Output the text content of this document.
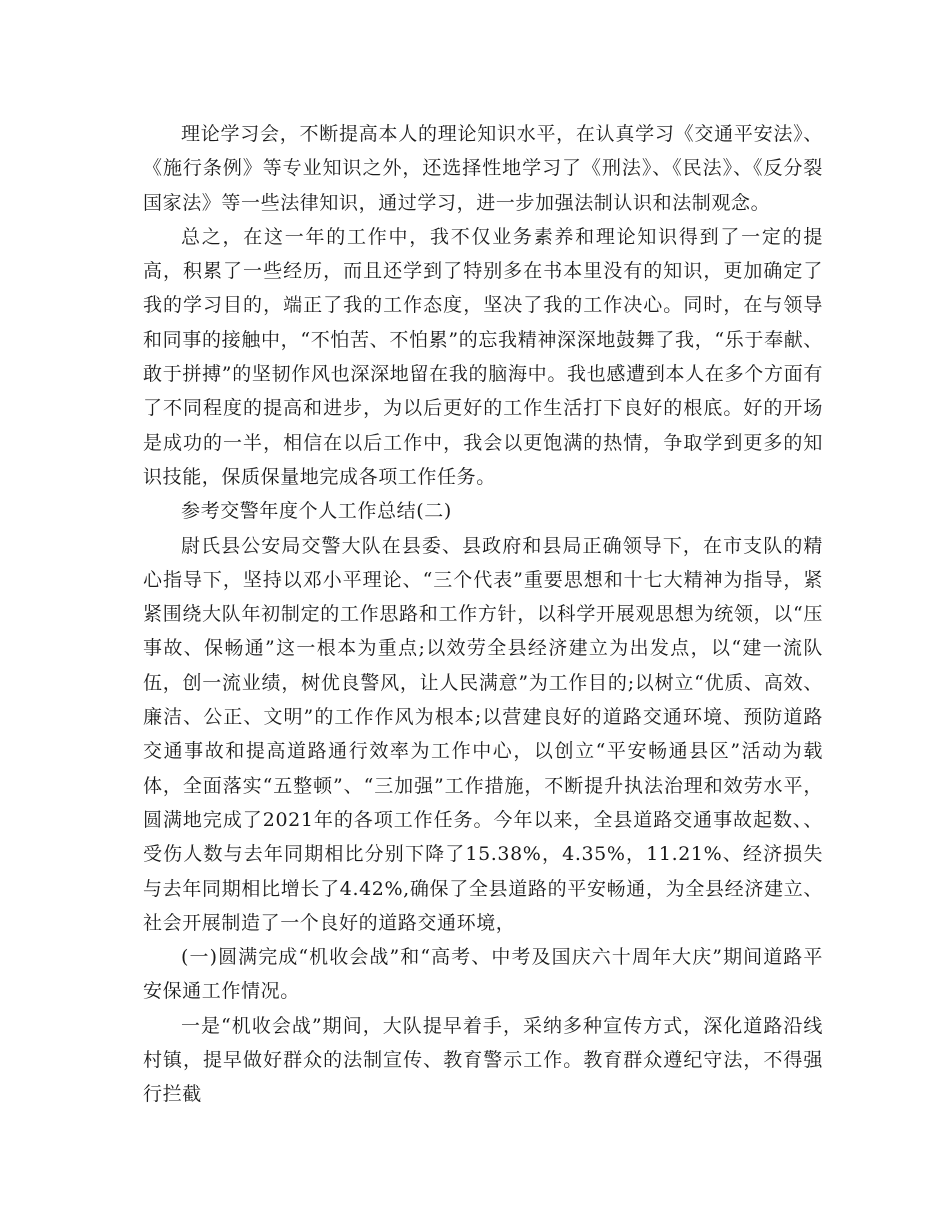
理论学习会，不断提高本人的理论知识水平，在认真学习《交通平安法》、《施行条例》等专业知识之外，还选择性地学习了《刑法》、《民法》、《反分裂国家法》等一些法律知识，通过学习，进一步加强法制认识和法制观念。

总之，在这一年的工作中，我不仅业务素养和理论知识得到了一定的提高，积累了一些经历，而且还学到了特别多在书本里没有的知识，更加确定了我的学习目的，端正了我的工作态度，坚决了我的工作决心。同时，在与领导和同事的接触中，“不怕苦、不怕累”的忘我精神深深地鼓舞了我，“乐于奉献、敢于拼搏”的坚韧作风也深深地留在我的脑海中。我也感遭到本人在多个方面有了不同程度的提高和进步，为以后更好的工作生活打下良好的根底。好的开场是成功的一半，相信在以后工作中，我会以更饱满的热情，争取学到更多的知识技能，保质保量地完成各项工作任务。

参考交警年度个人工作总结(二)

尉氏县公安局交警大队在县委、县政府和县局正确领导下，在市支队的精心指导下，坚持以邓小平理论、“三个代表”重要思想和十七大精神为指导，紧紧围绕大队年初制定的工作思路和工作方针，以科学开展观思想为统领，以“压事故、保畅通”这一根本为重点;以效劳全县经济建立为出发点，以“建一流队伍，创一流业绩，树优良警风，让人民满意”为工作目的;以树立“优质、高效、廉洁、公正、文明”的工作作风为根本;以营建良好的道路交通环境、预防道路交通事故和提高道路通行效率为工作中心，以创立“平安畅通县区”活动为载体，全面落实“五整顿”、“三加强”工作措施，不断提升执法治理和效劳水平，圆满地完成了2021年的各项工作任务。今年以来，全县道路交通事故起数、、受伤人数与去年同期相比分别下降了15.38%，4.35%，11.21%、经济损失与去年同期相比增长了4.42%,确保了全县道路的平安畅通，为全县经济建立、社会开展制造了一个良好的道路交通环境，

(一)圆满完成“机收会战”和“高考、中考及国庆六十周年大庆”期间道路平安保通工作情况。

一是“机收会战”期间，大队提早着手，采纳多种宣传方式，深化道路沿线村镇，提早做好群众的法制宣传、教育警示工作。教育群众遵纪守法，不得强行拦截
